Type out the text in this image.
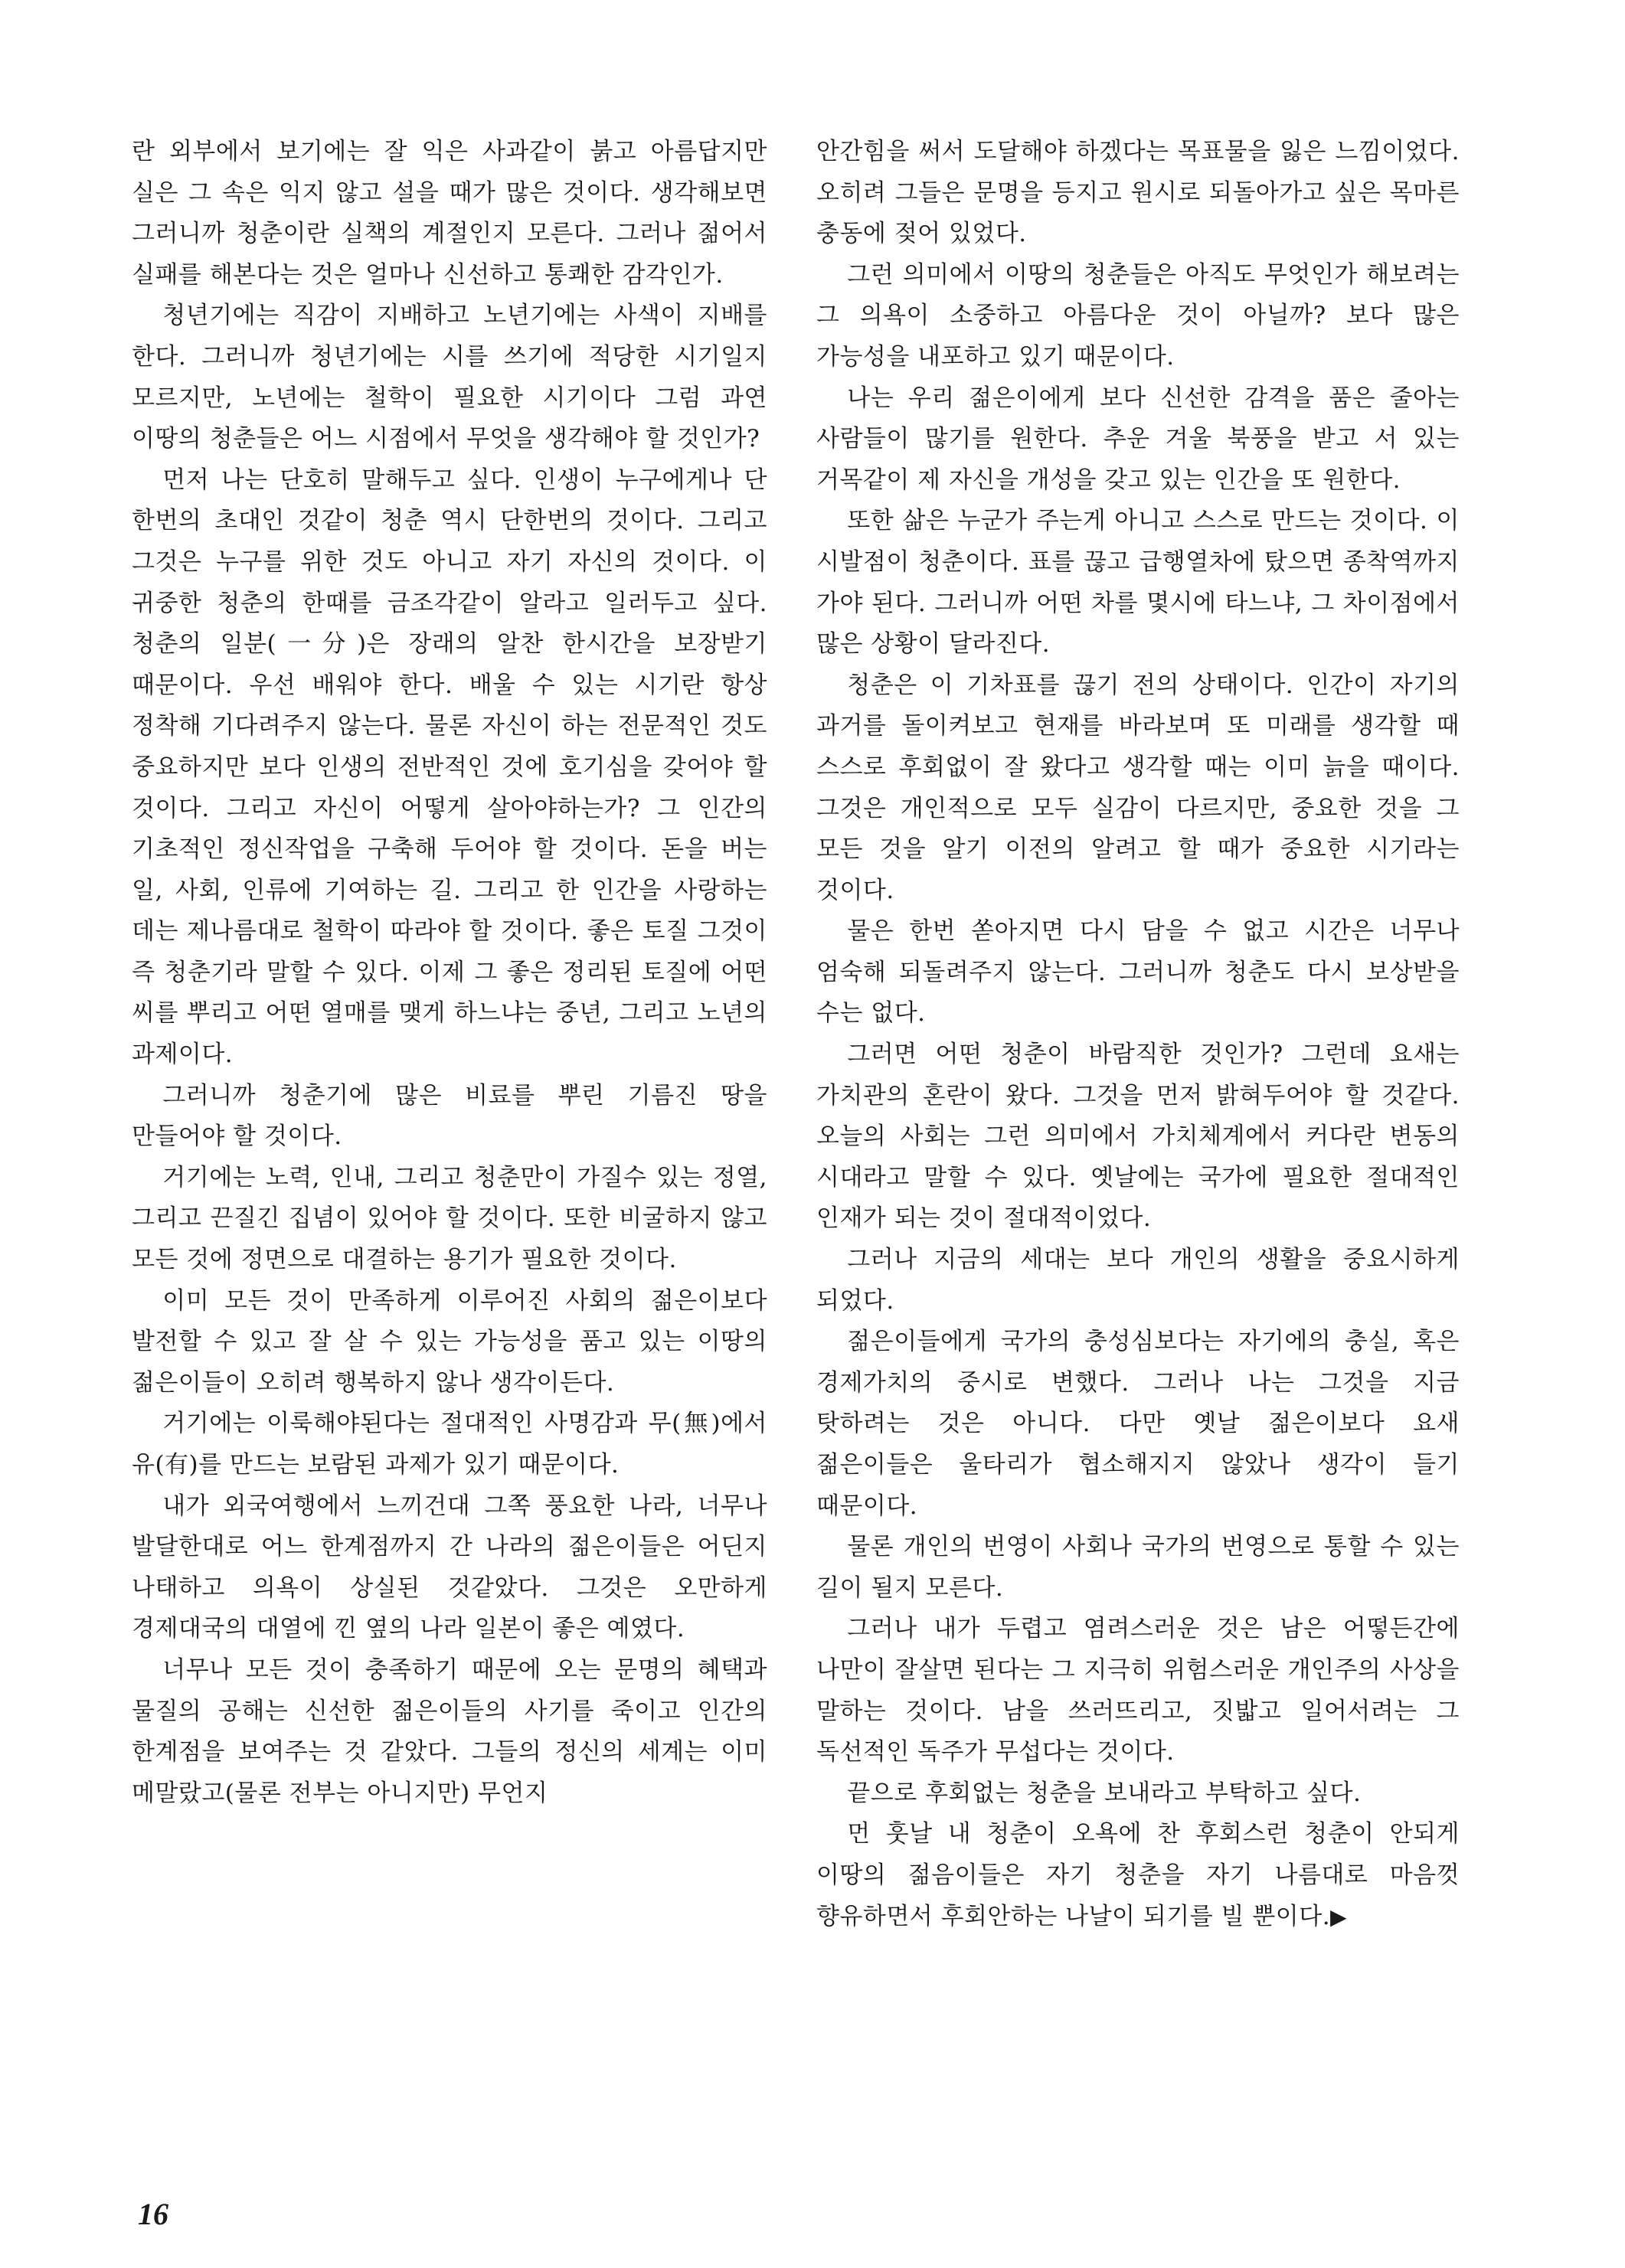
란 외부에서 보기에는 잘 익은 사과같이 붉고 아름답지만 실은 그 속은 익지 않고 설을 때가 많은 것이다. 생각해보면 그러니까 청춘이란 실책의 계절인지 모른다. 그러나 젊어서 실패를 해본다는 것은 얼마나 신선하고 통쾌한 감각인가.

청년기에는 직감이 지배하고 노년기에는 사색이 지배를 한다. 그러니까 청년기에는 시를 쓰기에 적당한 시기일지 모르지만, 노년에는 철학이 필요한 시기이다 그럼 과연 이땅의 청춘들은 어느 시점에서 무엇을 생각해야 할 것인가?

먼저 나는 단호히 말해두고 싶다. 인생이 누구에게나 단 한번의 초대인 것같이 청춘 역시 단한번의 것이다. 그리고 그것은 누구를 위한 것도 아니고 자기 자신의 것이다. 이 귀중한 청춘의 한때를 금조각같이 알라고 일러두고 싶다. 청춘의 일분(一分)은 장래의 알찬 한시간을 보장받기 때문이다. 우선 배워야 한다. 배울 수 있는 시기란 항상 정착해 기다려주지 않는다. 물론 자신이 하는 전문적인 것도 중요하지만 보다 인생의 전반적인 것에 호기심을 갖어야 할 것이다. 그리고 자신이 어떻게 살아야하는가? 그 인간의 기초적인 정신작업을 구축해 두어야 할 것이다. 돈을 버는 일, 사회, 인류에 기여하는 길. 그리고 한 인간을 사랑하는 데는 제나름대로 철학이 따라야 할 것이다. 좋은 토질 그것이 즉 청춘기라 말할 수 있다. 이제 그 좋은 정리된 토질에 어떤 씨를 뿌리고 어떤 열매를 맺게 하느냐는 중년, 그리고 노년의 과제이다.

그러니까 청춘기에 많은 비료를 뿌린 기름진 땅을 만들어야 할 것이다.

거기에는 노력, 인내, 그리고 청춘만이 가질수 있는 정열, 그리고 끈질긴 집념이 있어야 할 것이다. 또한 비굴하지 않고 모든 것에 정면으로 대결하는 용기가 필요한 것이다.

이미 모든 것이 만족하게 이루어진 사회의 젊은이보다 발전할 수 있고 잘 살 수 있는 가능성을 품고 있는 이땅의 젊은이들이 오히려 행복하지 않나 생각이든다.

거기에는 이룩해야된다는 절대적인 사명감과 무(無)에서 유(有)를 만드는 보람된 과제가 있기 때문이다.

내가 외국여행에서 느끼건대 그쪽 풍요한 나라, 너무나 발달한대로 어느 한계점까지 간 나라의 젊은이들은 어딘지 나태하고 의욕이 상실된 것같았다. 그것은 오만하게 경제대국의 대열에 낀 옆의 나라 일본이 좋은 예였다.

너무나 모든 것이 충족하기 때문에 오는 문명의 혜택과 물질의 공해는 신선한 젊은이들의 사기를 죽이고 인간의 한계점을 보여주는 것 같았다. 그들의 정신의 세계는 이미 메말랐고(물론 전부는 아니지만) 무언지

안간힘을 써서 도달해야 하겠다는 목표물을 잃은 느낌이었다. 오히려 그들은 문명을 등지고 원시로 되돌아가고 싶은 목마른 충동에 젖어 있었다.

그런 의미에서 이땅의 청춘들은 아직도 무엇인가 해보려는 그 의욕이 소중하고 아름다운 것이 아닐까? 보다 많은 가능성을 내포하고 있기 때문이다.

나는 우리 젊은이에게 보다 신선한 감격을 품은 줄아는 사람들이 많기를 원한다. 추운 겨울 북풍을 받고 서 있는 거목같이 제 자신을 개성을 갖고 있는 인간을 또 원한다.

또한 삶은 누군가 주는게 아니고 스스로 만드는 것이다. 이 시발점이 청춘이다. 표를 끊고 급행열차에 탔으면 종착역까지 가야 된다. 그러니까 어떤 차를 몇시에 타느냐, 그 차이점에서 많은 상황이 달라진다.

청춘은 이 기차표를 끊기 전의 상태이다. 인간이 자기의 과거를 돌이켜보고 현재를 바라보며 또 미래를 생각할 때 스스로 후회없이 잘 왔다고 생각할 때는 이미 늙을 때이다. 그것은 개인적으로 모두 실감이 다르지만, 중요한 것을 그 모든 것을 알기 이전의 알려고 할 때가 중요한 시기라는 것이다.

물은 한번 쏟아지면 다시 담을 수 없고 시간은 너무나 엄숙해 되돌려주지 않는다. 그러니까 청춘도 다시 보상받을 수는 없다.

그러면 어떤 청춘이 바람직한 것인가? 그런데 요새는 가치관의 혼란이 왔다. 그것을 먼저 밝혀두어야 할 것같다. 오늘의 사회는 그런 의미에서 가치체계에서 커다란 변동의 시대라고 말할 수 있다. 옛날에는 국가에 필요한 절대적인 인재가 되는 것이 절대적이었다.

그러나 지금의 세대는 보다 개인의 생활을 중요시하게 되었다.

젊은이들에게 국가의 충성심보다는 자기에의 충실, 혹은 경제가치의 중시로 변했다. 그러나 나는 그것을 지금 탓하려는 것은 아니다. 다만 옛날 젊은이보다 요새 젊은이들은 울타리가 협소해지지 않았나 생각이 들기 때문이다.

물론 개인의 번영이 사회나 국가의 번영으로 통할 수 있는 길이 될지 모른다.

그러나 내가 두렵고 염려스러운 것은 남은 어떻든간에 나만이 잘살면 된다는 그 지극히 위험스러운 개인주의 사상을 말하는 것이다. 남을 쓰러뜨리고, 짓밟고 일어서려는 그 독선적인 독주가 무섭다는 것이다.

끝으로 후회없는 청춘을 보내라고 부탁하고 싶다.

먼 훗날 내 청춘이 오욕에 찬 후회스런 청춘이 안되게 이땅의 젊음이들은 자기 청춘을 자기 나름대로 마음껏 향유하면서 후회안하는 나날이 되기를 빌 뿐이다.▶

16
